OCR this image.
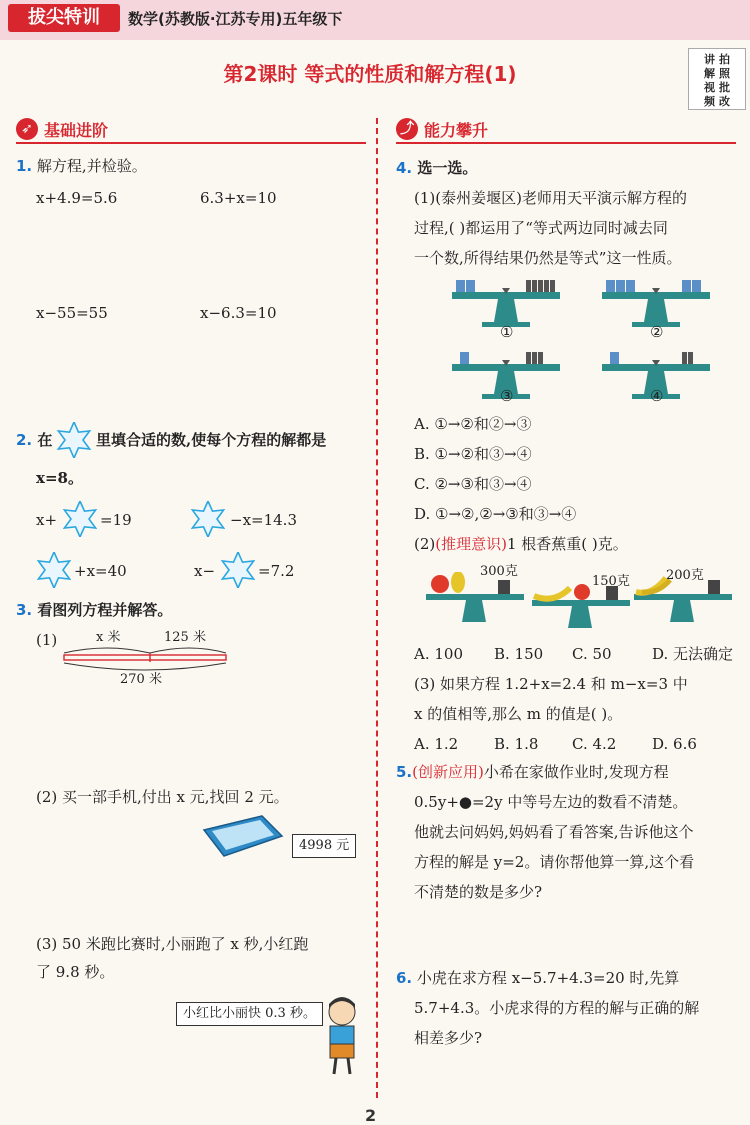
拔尖特训	数学(苏教版·江苏专用)五年级下
第2课时 等式的性质和解方程(1)
拍照批改
讲解视频
➶ 基础进阶	⤴ 能力攀升
1. 解方程,并检验。
x+4.9=5.6	6.3+x=10
x−55=55	x−6.3=10
2. 在	里填合适的数,使每个方程的解都是
x=8。
x+	=19	−x=14.3
+x=40	x−	=7.2
3. 看图列方程并解答。
(1)	x 米	125 米
270 米
(2) 买一部手机,付出 x 元,找回 2 元。
4998 元
(3) 50 米跑比赛时,小丽跑了 x 秒,小红跑
了 9.8 秒。
小红比小丽快 0.3 秒。
4. 选一选。
(1)(泰州姜堰区)老师用天平演示解方程的
过程,( )都运用了“等式两边同时减去同
一个数,所得结果仍然是等式”这一性质。
①	②
③	④
A. ①→②和②→③
B. ①→②和③→④
C. ②→③和③→④
D. ①→②,②→③和③→④
(2)(推理意识)1 根香蕉重( )克。
300克
150克	200克
A. 100 B. 150 C. 50	D. 无法确定
(3) 如果方程 1.2+x=2.4 和 m−x=3 中
x 的值相等,那么 m 的值是( )。
A. 1.2 B. 1.8 C. 4.2 D. 6.6
5.(创新应用)小希在家做作业时,发现方程
0.5y+●=2y 中等号左边的数看不清楚。
他就去问妈妈,妈妈看了看答案,告诉他这个
方程的解是 y=2。请你帮他算一算,这个看
不清楚的数是多少?
6. 小虎在求方程 x−5.7+4.3=20 时,先算
5.7+4.3。小虎求得的方程的解与正确的解
相差多少?
2
